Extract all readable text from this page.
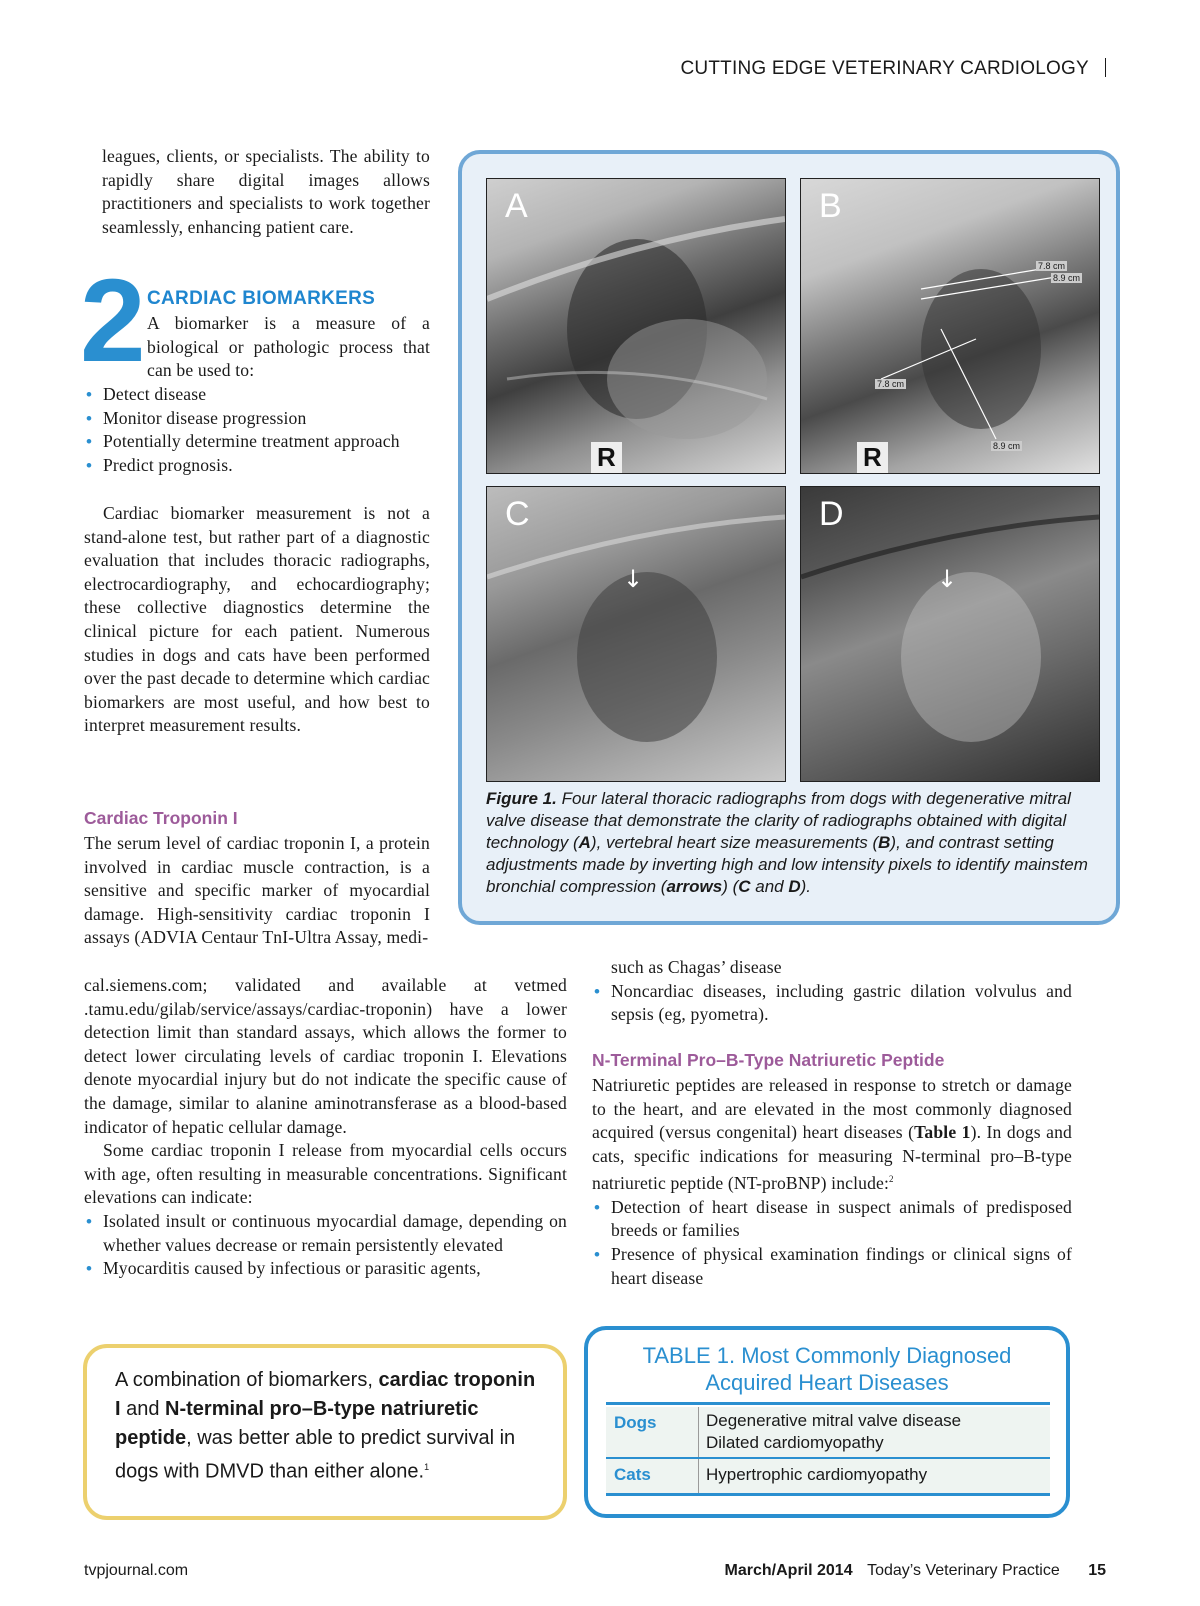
CUTTING EDGE VETERINARY CARDIOLOGY

leagues, clients, or specialists. The ability to rapidly share digital images allows practitioners and specialists to work together seamlessly, enhancing patient care.

2 CARDIAC BIOMARKERS

A biomarker is a measure of a biological or pathologic process that can be used to:

• Detect disease
• Monitor disease progression
• Potentially determine treatment approach
• Predict prognosis.

Cardiac biomarker measurement is not a stand-alone test, but rather part of a diagnostic evaluation that includes thoracic radiographs, electrocardiography, and echocardiography; these collective diagnostics determine the clinical picture for each patient. Numerous studies in dogs and cats have been performed over the past decade to determine which cardiac biomarkers are most useful, and how best to interpret measurement results.

Cardiac Troponin I

The serum level of cardiac troponin I, a protein involved in cardiac muscle contraction, is a sensitive and specific marker of myocardial damage. High-sensitivity cardiac troponin I assays (ADVIA Centaur TnI-Ultra Assay, medi-

cal.siemens.com; validated and available at vetmed .tamu.edu/gilab/service/assays/cardiac-troponin) have a lower detection limit than standard assays, which allows the former to detect lower circulating levels of cardiac troponin I. Elevations denote myocardial injury but do not indicate the specific cause of the damage, similar to alanine aminotransferase as a blood-based indicator of hepatic cellular damage.

Some cardiac troponin I release from myocardial cells occurs with age, often resulting in measurable concentrations. Significant elevations can indicate:

• Isolated insult or continuous myocardial damage, depending on whether values decrease or remain persistently elevated
• Myocarditis caused by infectious or parasitic agents,
A
R
B
7.8 cm
8.9 cm
7.8 cm
8.9 cm
R
C
↓
D
↓
Figure 1. Four lateral thoracic radiographs from dogs with degenerative mitral valve disease that demonstrate the clarity of radiographs obtained with digital technology (A), vertebral heart size measurements (B), and contrast setting adjustments made by inverting high and low intensity pixels to identify mainstem bronchial compression (arrows) (C and D).

such as Chagas’ disease

• Noncardiac diseases, including gastric dilation volvulus and sepsis (eg, pyometra).
N-Terminal Pro–B-Type Natriuretic Peptide

Natriuretic peptides are released in response to stretch or damage to the heart, and are elevated in the most commonly diagnosed acquired (versus congenital) heart diseases (Table 1). In dogs and cats, specific indications for measuring N-terminal pro–B-type natriuretic peptide (NT-proBNP) include:$^2$

• Detection of heart disease in suspect animals of predisposed breeds or families
• Presence of physical examination findings or clinical signs of heart disease

A combination of biomarkers, cardiac troponin I and N-terminal pro–B-type natriuretic peptide, was better able to predict survival in dogs with DMVD than either alone.$^1$

TABLE 1. Most Commonly Diagnosed
Acquired Heart Diseases
Dogs	Degenerative mitral valve disease
Dilated cardiomyopathy
Cats	Hypertrophic cardiomyopathy
tvpjournal.com	March/April 2014 Today’s Veterinary Practice 15
